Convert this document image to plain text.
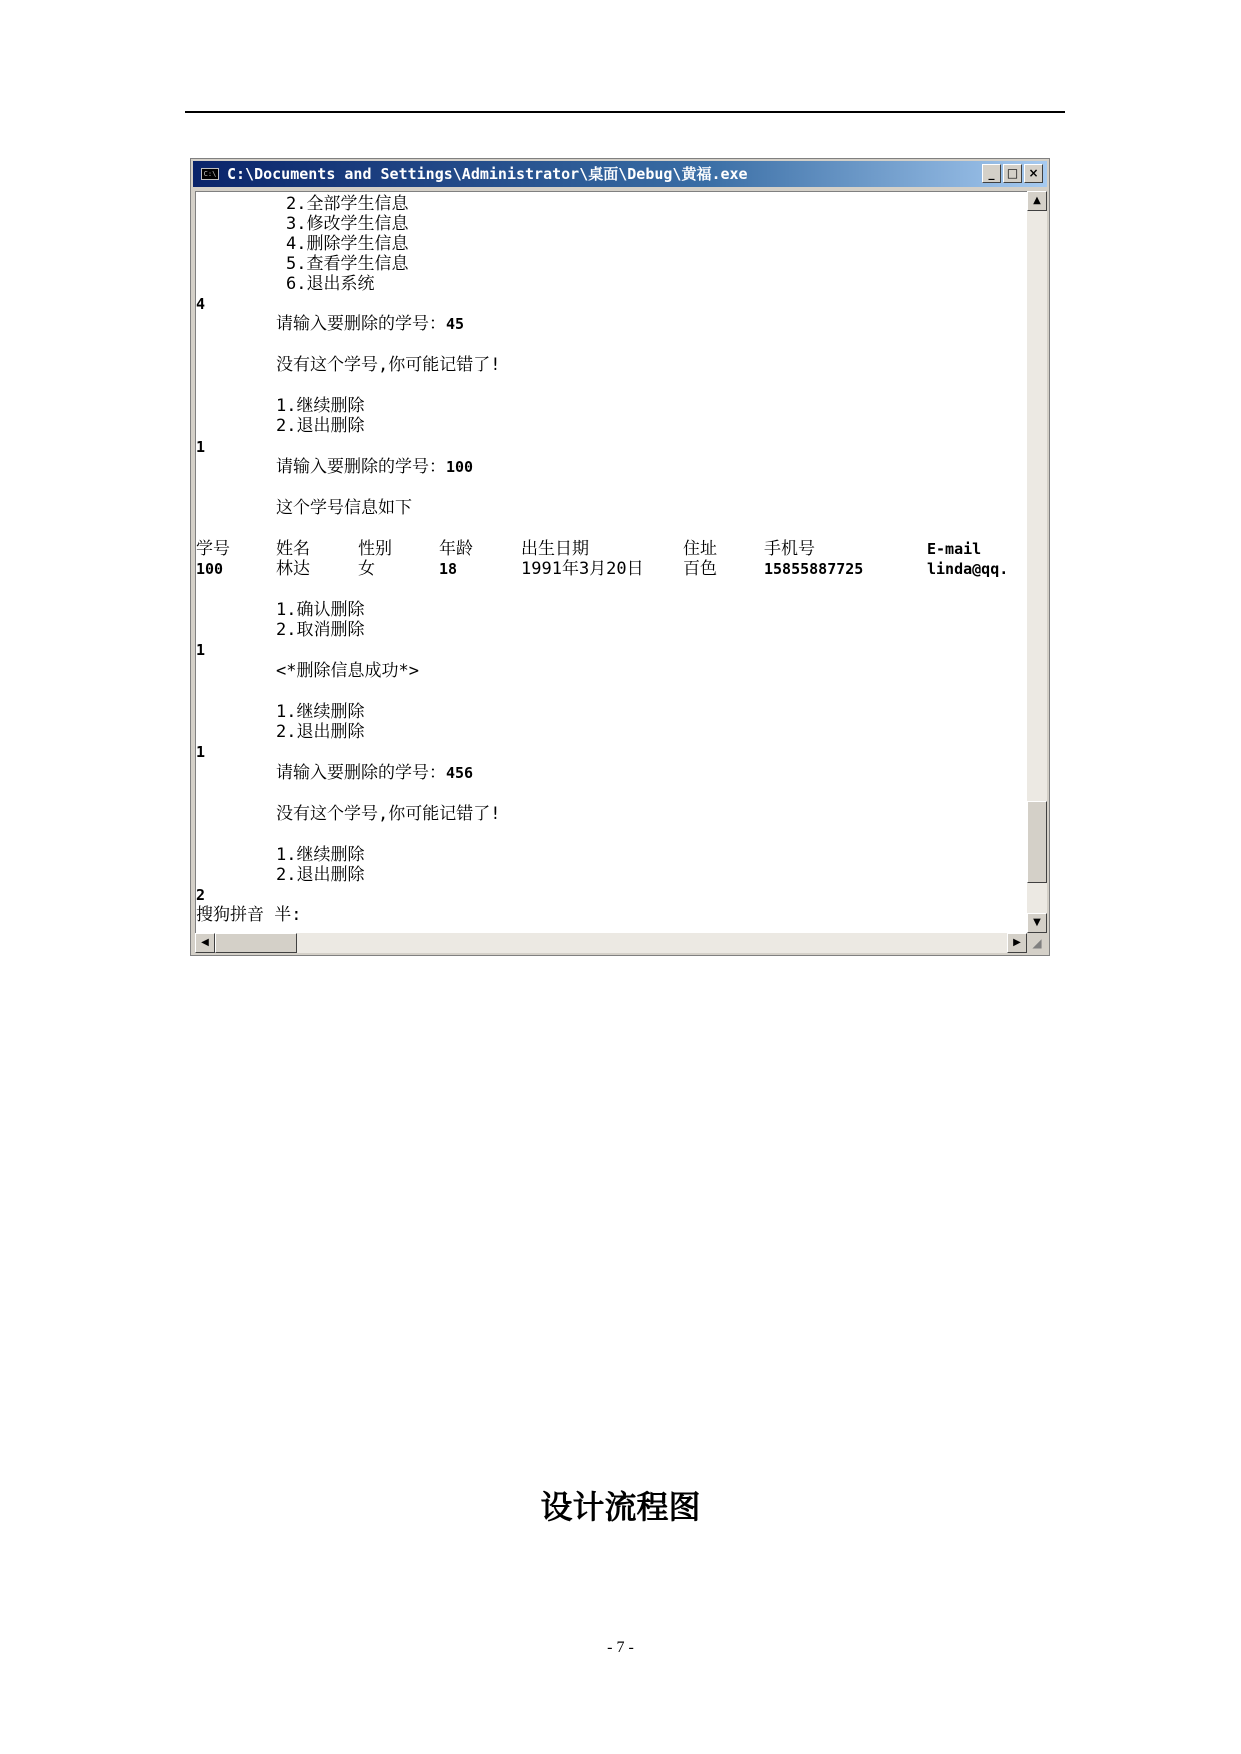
C:\ C:\Documents and Settings\Administrator\桌面\Debug\黄福.exe	_	□ ×
2.全部学生信息
3.修改学生信息
4.删除学生信息
5.查看学生信息
6.退出系统
4
请输入要删除的学号：45
没有这个学号,你可能记错了!
1.继续删除
2.退出删除
1
请输入要删除的学号：100
这个学号信息如下
学号	姓名	性别	年龄	出生日期	住址	手机号	E-mail
100	林达	女	18	1991年3月20日 百色	15855887725	linda@qq.
1.确认删除
2.取消删除
1
<*删除信息成功*>
1.继续删除
2.退出删除
1
请输入要删除的学号：456
没有这个学号,你可能记错了!
1.继续删除
2.退出删除
2
搜狗拼音 半:
▲
▼
◀	▶ ◢
设计流程图
- 7 -
